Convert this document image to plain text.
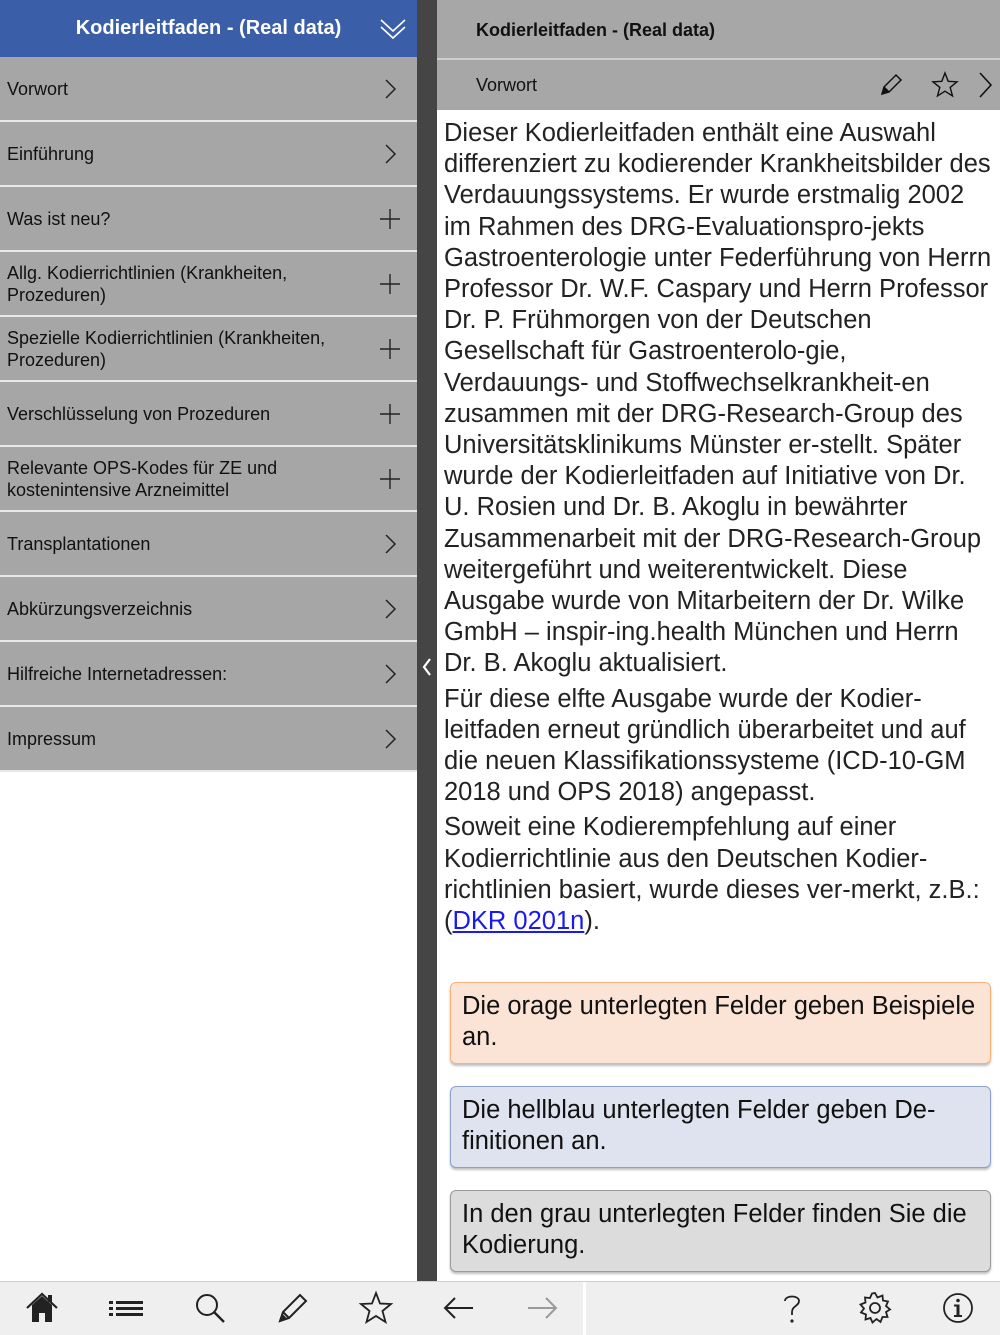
Kodierleitfaden - (Real data)
Vorwort
Einführung
Was ist neu?
Allg. Kodierrichtlinien (Krankheiten, Prozeduren)
Spezielle Kodierrichtlinien (Krankheiten, Prozeduren)
Verschlüsselung von Prozeduren
Relevante OPS-Kodes für ZE und kostenintensive Arzneimittel
Transplantationen
Abkürzungsverzeichnis
Hilfreiche Internetadressen:
Impressum
Kodierleitfaden - (Real data)
Vorwort

Dieser Kodierleitfaden enthält eine Auswahl differenziert zu kodierender Krankheitsbilder des Verdauungssystems. Er wurde erstmalig 2002 im Rahmen des DRG-Evaluationspro-jekts Gastroenterologie unter Federführung von Herrn Professor Dr. W.F. Caspary und Herrn Professor Dr. P. Frühmorgen von der Deutschen Gesellschaft für Gastroenterolo-gie, Verdauungs- und Stoffwechselkrankheit-en zusammen mit der DRG-Research-Group des Universitätsklinikums Münster er-stellt. Später wurde der Kodierleitfaden auf Initiative von Dr. U. Rosien und Dr. B. Akoglu in bewährter Zusammenarbeit mit der DRG-Research-Group weitergeführt und weiterentwickelt. Diese Ausgabe wurde von Mitarbeitern der Dr. Wilke GmbH – inspir-ing.health München und Herrn Dr. B. Akoglu aktualisiert.

Für diese elfte Ausgabe wurde der Kodier-leitfaden erneut gründlich überarbeitet und auf die neuen Klassifikationssysteme (ICD-10-GM 2018 und OPS 2018) angepasst.

Soweit eine Kodierempfehlung auf einer Kodierrichtlinie aus den Deutschen Kodier-richtlinien basiert, wurde dieses ver-merkt, z.B.: (DKR 0201n).

Die orage unterlegten Felder geben Beispiele an.
Die hellblau unterlegten Felder geben De-finitionen an.
In den grau unterlegten Felder finden Sie die Kodierung.
